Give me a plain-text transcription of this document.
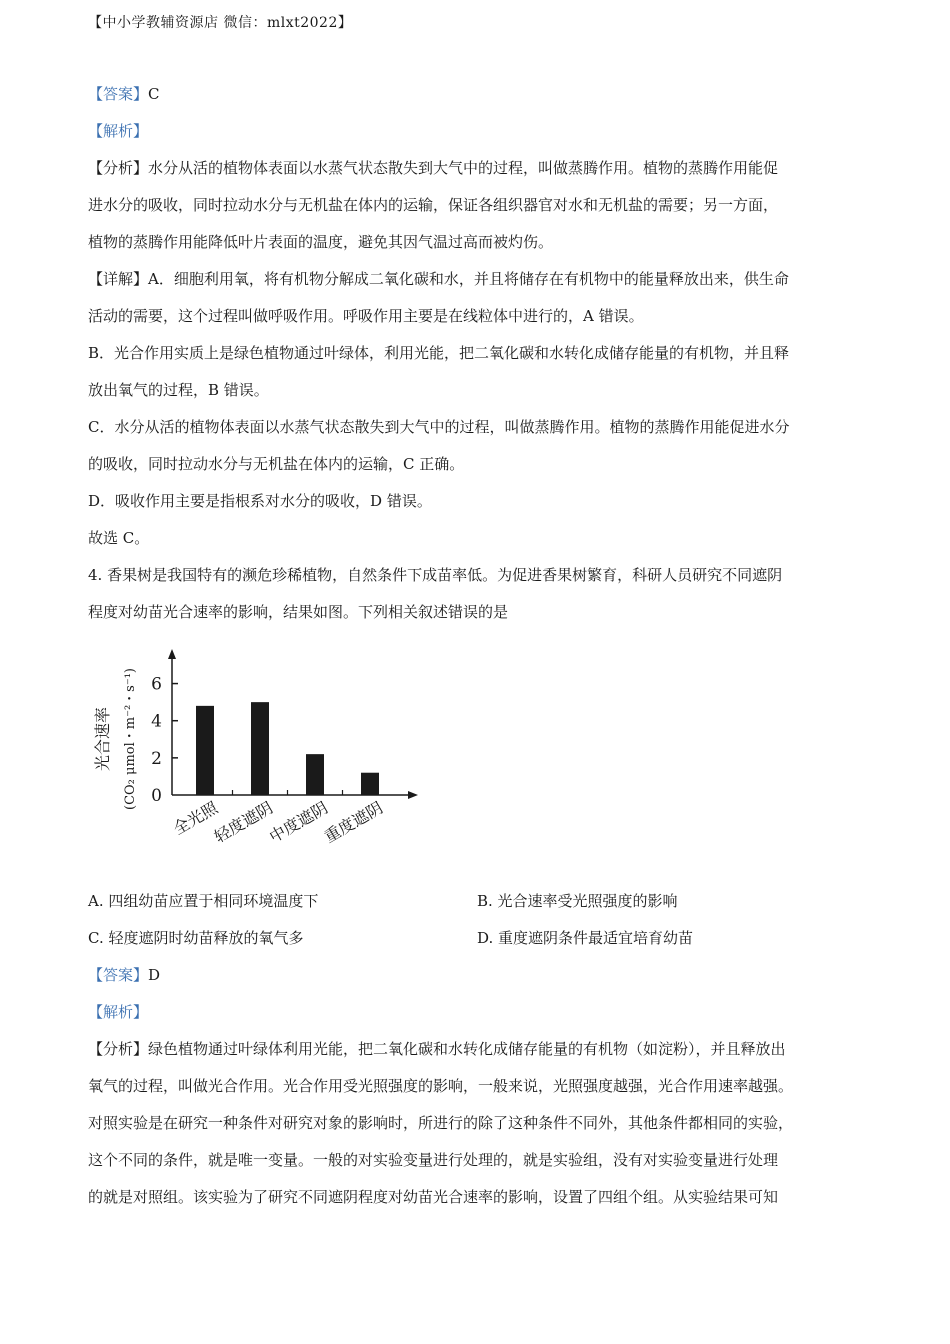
【中小学教辅资源店 微信：mlxt2022】
【答案】C
【解析】
【分析】水分从活的植物体表面以水蒸气状态散失到大气中的过程，叫做蒸腾作用。植物的蒸腾作用能促
进水分的吸收，同时拉动水分与无机盐在体内的运输，保证各组织器官对水和无机盐的需要；另一方面，
植物的蒸腾作用能降低叶片表面的温度，避免其因气温过高而被灼伤。
【详解】A．细胞利用氧，将有机物分解成二氧化碳和水，并且将储存在有机物中的能量释放出来，供生命
活动的需要，这个过程叫做呼吸作用。呼吸作用主要是在线粒体中进行的，A 错误。
B．光合作用实质上是绿色植物通过叶绿体，利用光能，把二氧化碳和水转化成储存能量的有机物，并且释
放出氧气的过程，B 错误。
C．水分从活的植物体表面以水蒸气状态散失到大气中的过程，叫做蒸腾作用。植物的蒸腾作用能促进水分
的吸收，同时拉动水分与无机盐在体内的运输，C 正确。
D．吸收作用主要是指根系对水分的吸收，D 错误。
故选 C。
4. 香果树是我国特有的濒危珍稀植物，自然条件下成苗率低。为促进香果树繁育，科研人员研究不同遮阴
程度对幼苗光合速率的影响，结果如图。下列相关叙述错误的是
光合速率 (CO₂ μmol・m⁻²・s⁻¹) 0
2
4
6
全光照
轻度遮阴
中度遮阴
重度遮阴
A. 四组幼苗应置于相同环境温度下	B. 光合速率受光照强度的影响
C. 轻度遮阴时幼苗释放的氧气多	D. 重度遮阴条件最适宜培育幼苗
【答案】D
【解析】
【分析】绿色植物通过叶绿体利用光能，把二氧化碳和水转化成储存能量的有机物（如淀粉），并且释放出
氧气的过程，叫做光合作用。光合作用受光照强度的影响，一般来说，光照强度越强，光合作用速率越强。
对照实验是在研究一种条件对研究对象的影响时，所进行的除了这种条件不同外，其他条件都相同的实验，
这个不同的条件，就是唯一变量。一般的对实验变量进行处理的，就是实验组，没有对实验变量进行处理
的就是对照组。该实验为了研究不同遮阴程度对幼苗光合速率的影响，设置了四组个组。从实验结果可知
